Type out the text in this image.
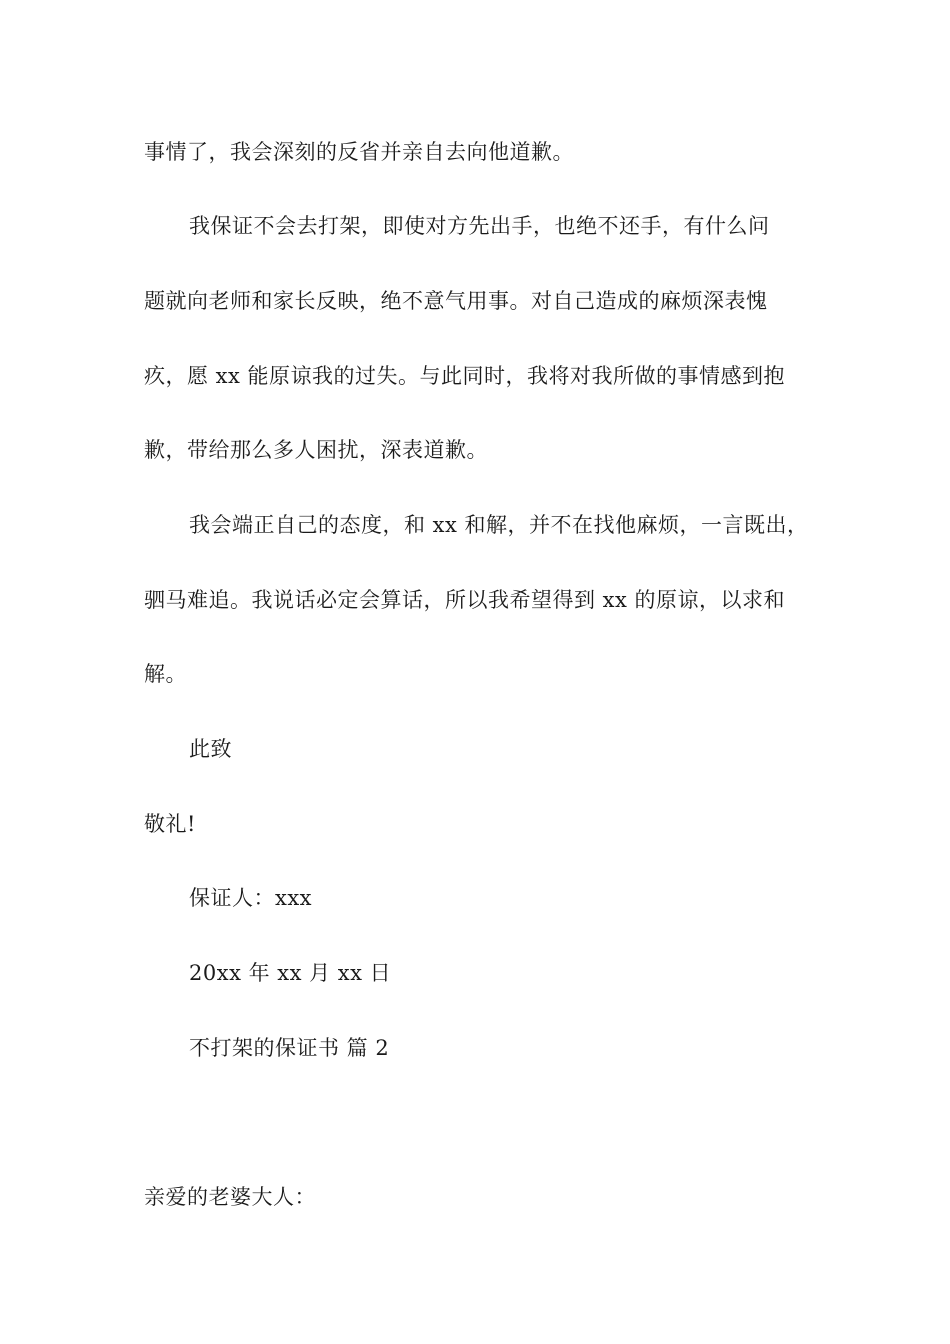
事情了，我会深刻的反省并亲自去向他道歉。
我保证不会去打架，即使对方先出手，也绝不还手，有什么问
题就向老师和家长反映，绝不意气用事。对自己造成的麻烦深表愧
疚，愿 xx 能原谅我的过失。与此同时，我将对我所做的事情感到抱
歉，带给那么多人困扰，深表道歉。
我会端正自己的态度，和 xx 和解，并不在找他麻烦，一言既出，
驷马难追。我说话必定会算话，所以我希望得到 xx 的原谅，以求和
解。
此致
敬礼!
保证人：xxx
20xx 年 xx 月 xx 日
不打架的保证书 篇 2
亲爱的老婆大人：
